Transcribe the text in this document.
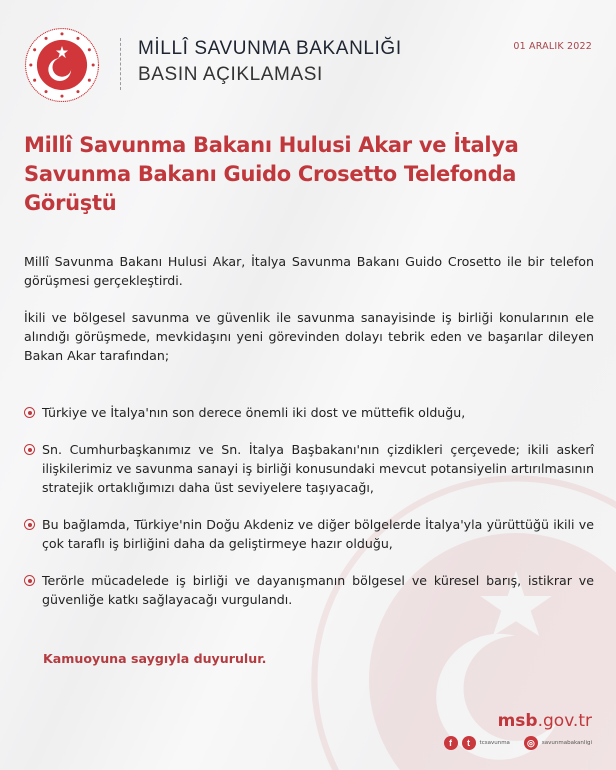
MİLLÎ SAVUNMA BAKANLIĞI
BASIN AÇIKLAMASI
01 ARALIK 2022
Millî Savunma Bakanı Hulusi Akar ve İtalya Savunma Bakanı Guido Crosetto Telefonda Görüştü

Millî Savunma Bakanı Hulusi Akar, İtalya Savunma Bakanı Guido Crosetto ile bir telefon görüşmesi gerçekleştirdi.

İkili ve bölgesel savunma ve güvenlik ile savunma sanayisinde iş birliği konularının ele alındığı görüşmede, mevkidaşını yeni görevinden dolayı tebrik eden ve başarılar dileyen Bakan Akar tarafından;

Türkiye ve İtalya'nın son derece önemli iki dost ve müttefik olduğu,
Sn. Cumhurbaşkanımız ve Sn. İtalya Başbakanı'nın çizdikleri çerçevede; ikili askerî ilişkilerimiz ve savunma sanayi iş birliği konusundaki mevcut potansiyelin artırılmasının stratejik ortaklığımızı daha üst seviyelere taşıyacağı,
Bu bağlamda, Türkiye'nin Doğu Akdeniz ve diğer bölgelerde İtalya'yla yürüttüğü ikili ve çok taraflı iş birliğini daha da geliştirmeye hazır olduğu,
Terörle mücadelede iş birliği ve dayanışmanın bölgesel ve küresel barış, istikrar ve güvenliğe katkı sağlayacağı vurgulandı.
Kamuoyuna saygıyla duyurulur.
msb.gov.tr
f	t	tcsavunma	◎	savunmabakanligi
